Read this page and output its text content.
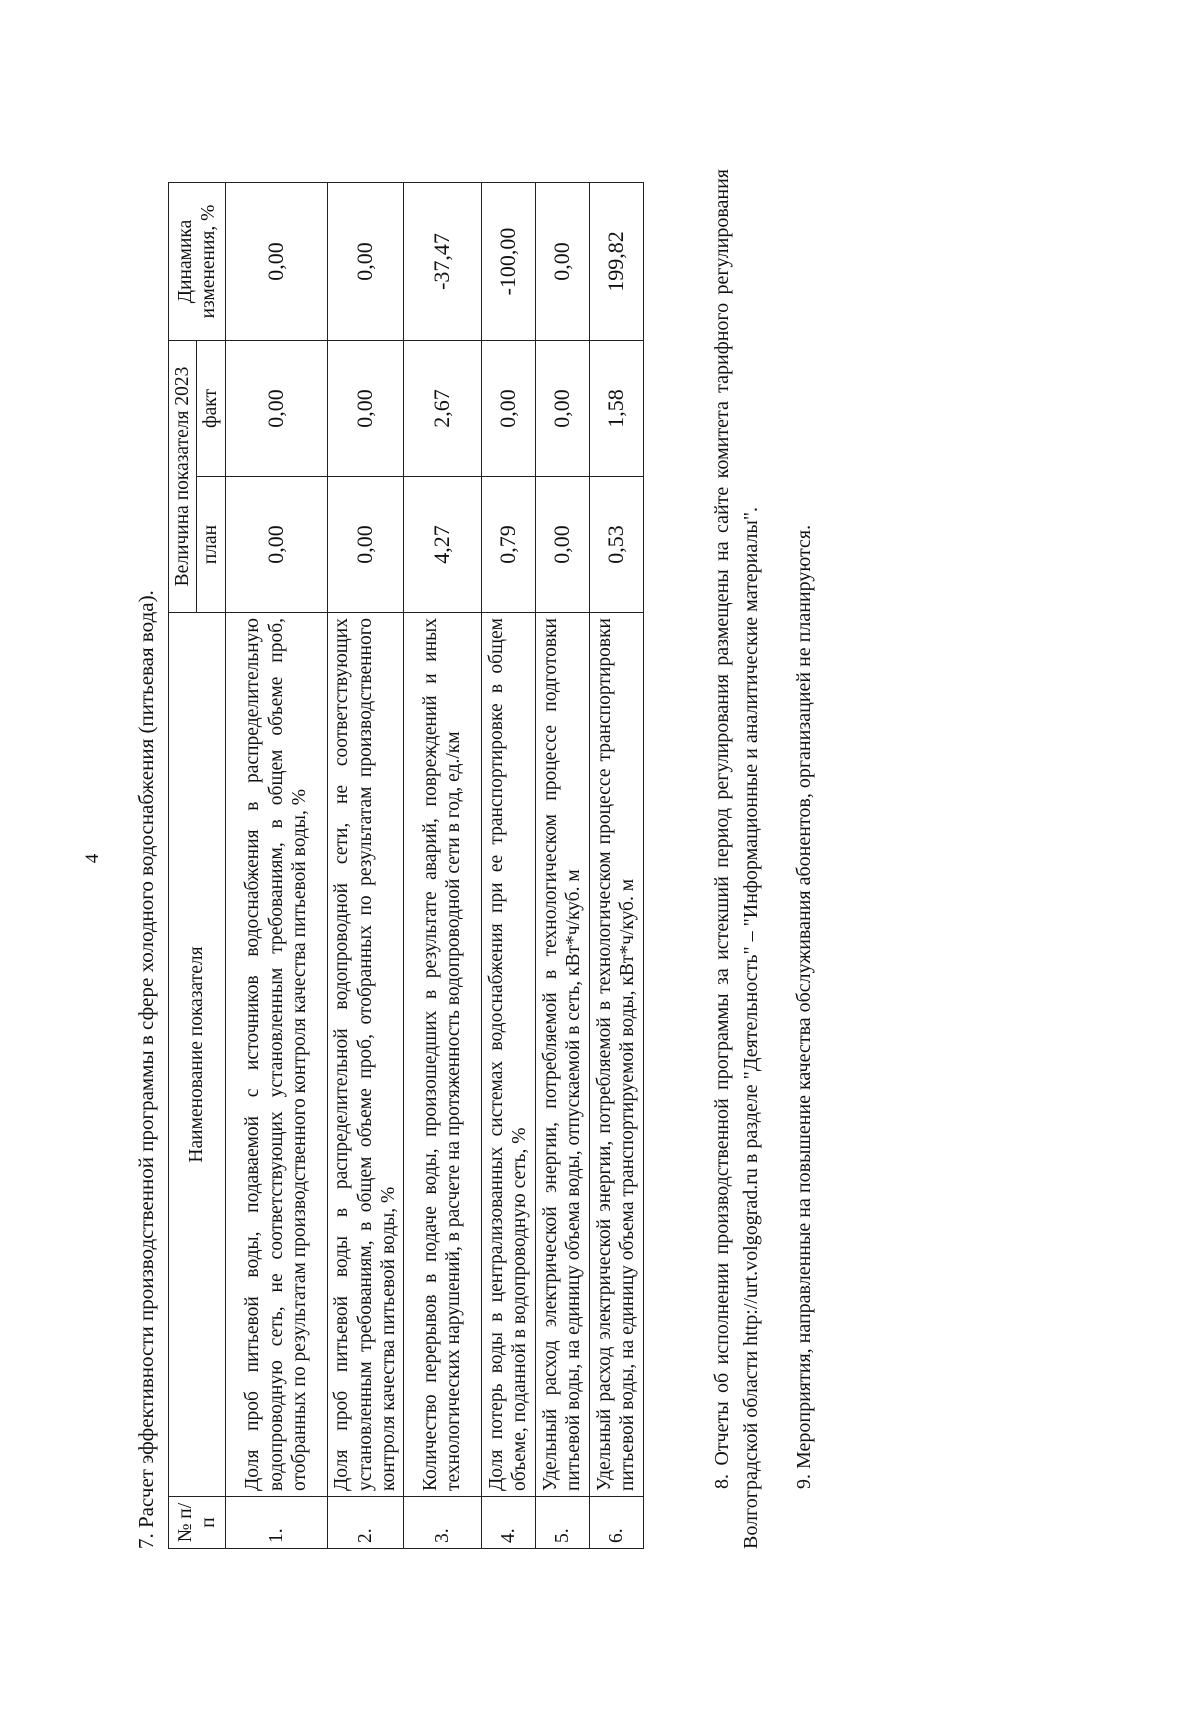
4 7. Расчет эффективности производственной программы в сфере холодного водоснабжения (питьевая вода). № п/п	Наименование показателя	Величина показателя 2023		Динамика изменения, %
		план	факт	
1.	Доля проб питьевой воды, подаваемой с источников водоснабжения в распределительную водопроводную сеть, не соответствующих установленным требованиям, в общем объеме проб, отобранных по результатам производственного контроля качества питьевой воды, %	0,00	0,00	0,00
2.	Доля проб питьевой воды в распределительной водопроводной сети, не соответствующих установленным требованиям, в общем объеме проб, отобранных по результатам производственного контроля качества питьевой воды, %	0,00	0,00	0,00
3.	Количество перерывов в подаче воды, произошедших в результате аварий, повреждений и иных технологических нарушений, в расчете на протяженность водопроводной сети в год, ед./км	4,27	2,67	-37,47
4.	Доля потерь воды в централизованных системах водоснабжения при ее транспортировке в общем объеме, поданной в водопроводную сеть, %	0,79	0,00	-100,00
5.	Удельный расход электрической энергии, потребляемой в технологическом процессе подготовки питьевой воды, на единицу объема воды, отпускаемой в сеть, кВт*ч/куб. м	0,00	0,00	0,00
6.	Удельный расход электрической энергии, потребляемой в технологическом процессе транспортировки питьевой воды, на единицу объема транспортируемой воды, кВт*ч/куб. м	0,53	1,58	199,82	8. Отчеты об исполнении производственной программы за истекший период регулирования размещены на сайте комитета тарифного регулирования Волгоградской области http://urt.volgograd.ru в разделе "Деятельность" – "Информационные и аналитические материалы". 9. Мероприятия, направленные на повышение качества обслуживания абонентов, организацией не планируются.
